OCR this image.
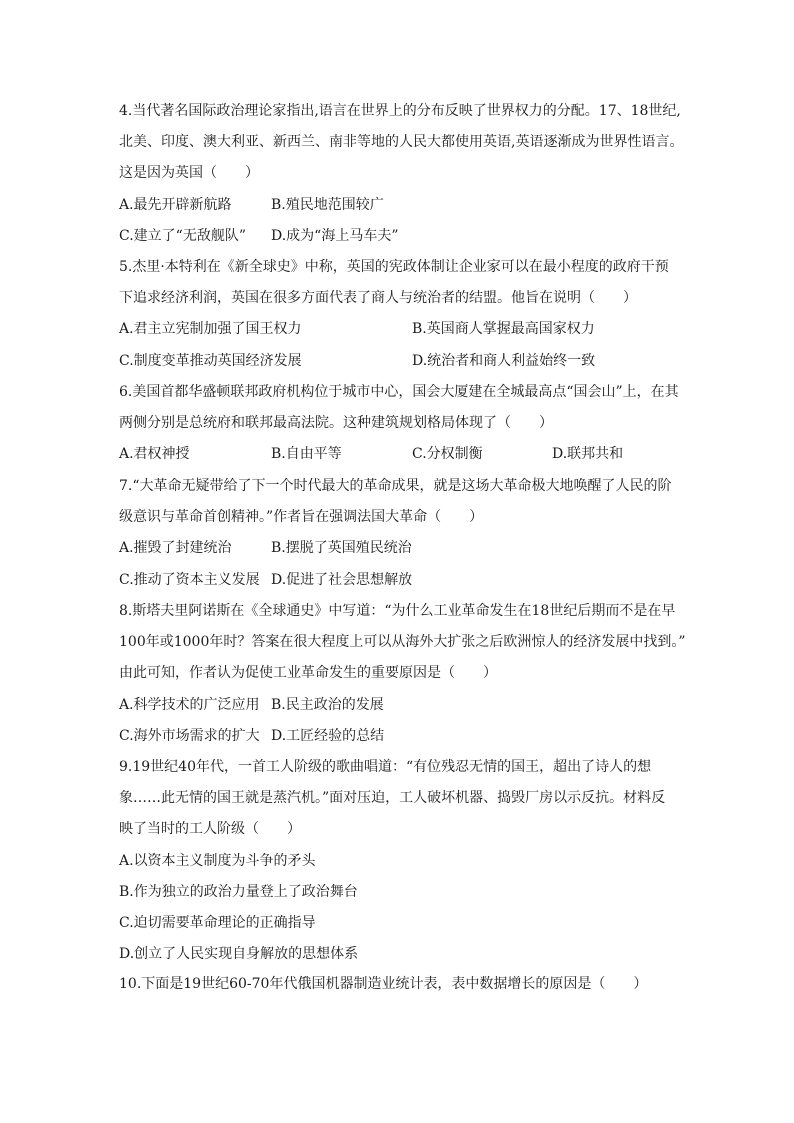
4.当代著名国际政治理论家指出,语言在世界上的分布反映了世界权力的分配。17、18世纪,
北美、印度、澳大利亚、新西兰、南非等地的人民大都使用英语,英语逐渐成为世界性语言。
这是因为英国（　　）
A.最先开辟新航路	B.殖民地范围较广
C.建立了“无敌舰队” D.成为“海上马车夫”
5.杰里·本特利在《新全球史》中称，英国的宪政体制让企业家可以在最小程度的政府干预
下追求经济利润，英国在很多方面代表了商人与统治者的结盟。他旨在说明（　　）
A.君主立宪制加强了国王权力	B.英国商人掌握最高国家权力
C.制度变革推动英国经济发展	D.统治者和商人利益始终一致
6.美国首都华盛顿联邦政府机构位于城市中心，国会大厦建在全城最高点“国会山”上，在其
两侧分别是总统府和联邦最高法院。这种建筑规划格局体现了（　　）
A.君权神授	B.自由平等	C.分权制衡	D.联邦共和
7.“大革命无疑带给了下一个时代最大的革命成果，就是这场大革命极大地唤醒了人民的阶
级意识与革命首创精神。”作者旨在强调法国大革命（　　）
A.摧毁了封建统治	B.摆脱了英国殖民统治
C.推动了资本主义发展 D.促进了社会思想解放
8.斯塔夫里阿诺斯在《全球通史》中写道：“为什么工业革命发生在18世纪后期而不是在早
100年或1000年时？答案在很大程度上可以从海外大扩张之后欧洲惊人的经济发展中找到。”
由此可知，作者认为促使工业革命发生的重要原因是（　　）
A.科学技术的广泛应用 B.民主政治的发展
C.海外市场需求的扩大 D.工匠经验的总结
9.19世纪40年代，一首工人阶级的歌曲唱道：“有位残忍无情的国王，超出了诗人的想
象……此无情的国王就是蒸汽机。”面对压迫，工人破坏机器、捣毁厂房以示反抗。材料反
映了当时的工人阶级（　　）
A.以资本主义制度为斗争的矛头
B.作为独立的政治力量登上了政治舞台
C.迫切需要革命理论的正确指导
D.创立了人民实现自身解放的思想体系
10.下面是19世纪60-70年代俄国机器制造业统计表，表中数据增长的原因是（　　）
